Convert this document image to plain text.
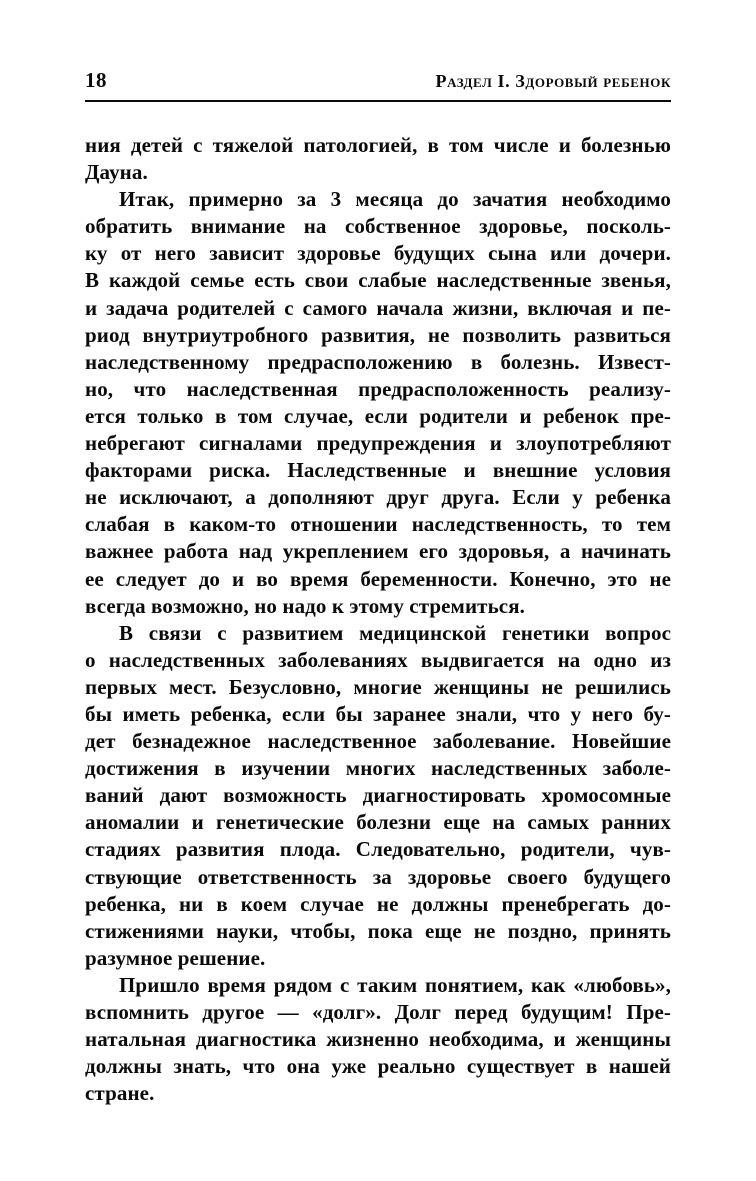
18	Раздел I. Здоровый ребенок
ния детей с тяжелой патологией, в том числе и болезнью
Дауна.
Итак, примерно за 3 месяца до зачатия необходимо
обратить внимание на собственное здоровье, посколь-
ку от него зависит здоровье будущих сына или дочери.
В каждой семье есть свои слабые наследственные звенья,
и задача родителей с самого начала жизни, включая и пе-
риод внутриутробного развития, не позволить развиться
наследственному предрасположению в болезнь. Извест-
но, что наследственная предрасположенность реализу-
ется только в том случае, если родители и ребенок пре-
небрегают сигналами предупреждения и злоупотребляют
факторами риска. Наследственные и внешние условия
не исключают, а дополняют друг друга. Если у ребенка
слабая в каком-то отношении наследственность, то тем
важнее работа над укреплением его здоровья, а начинать
ее следует до и во время беременности. Конечно, это не
всегда возможно, но надо к этому стремиться.
В связи с развитием медицинской генетики вопрос
о наследственных заболеваниях выдвигается на одно из
первых мест. Безусловно, многие женщины не решились
бы иметь ребенка, если бы заранее знали, что у него бу-
дет безнадежное наследственное заболевание. Новейшие
достижения в изучении многих наследственных заболе-
ваний дают возможность диагностировать хромосомные
аномалии и генетические болезни еще на самых ранних
стадиях развития плода. Следовательно, родители, чув-
ствующие ответственность за здоровье своего будущего
ребенка, ни в коем случае не должны пренебрегать до-
стижениями науки, чтобы, пока еще не поздно, принять
разумное решение.
Пришло время рядом с таким понятием, как «любовь»,
вспомнить другое — «долг». Долг перед будущим! Пре-
натальная диагностика жизненно необходима, и женщины
должны знать, что она уже реально существует в нашей
стране.
